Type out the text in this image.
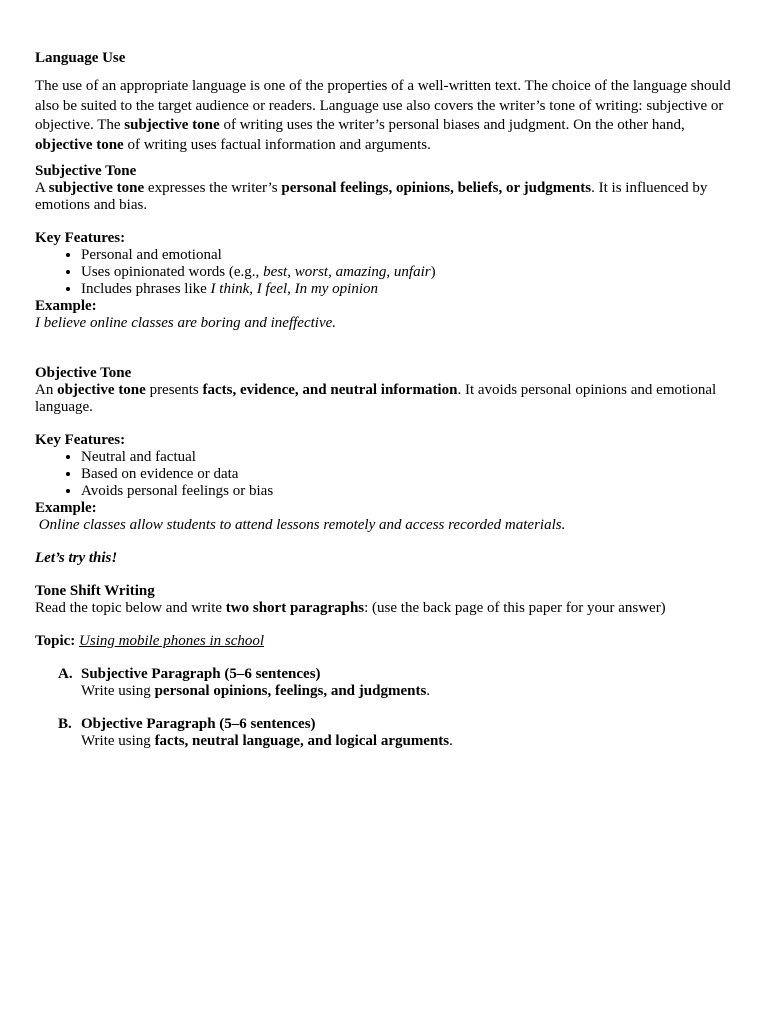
Language Use

The use of an appropriate language is one of the properties of a well-written text. The choice of the language should also be suited to the target audience or readers. Language use also covers the writer’s tone of writing: subjective or objective. The subjective tone of writing uses the writer’s personal biases and judgment. On the other hand, objective tone of writing uses factual information and arguments.

Subjective Tone

A subjective tone expresses the writer’s personal feelings, opinions, beliefs, or judgments. It is influenced by emotions and bias.

Key Features:

• Personal and emotional
• Uses opinionated words (e.g., best, worst, amazing, unfair)
• Includes phrases like I think, I feel, In my opinion

Example:

I believe online classes are boring and ineffective.

Objective Tone

An objective tone presents facts, evidence, and neutral information. It avoids personal opinions and emotional language.

Key Features:

• Neutral and factual
• Based on evidence or data
• Avoids personal feelings or bias

Example:

Online classes allow students to attend lessons remotely and access recorded materials.

Let’s try this!

Tone Shift Writing

Read the topic below and write two short paragraphs: (use the back page of this paper for your answer)

Topic: Using mobile phones in school

A. Subjective Paragraph (5–6 sentences)
Write using personal opinions, feelings, and judgments.
B. Objective Paragraph (5–6 sentences)
Write using facts, neutral language, and logical arguments.
